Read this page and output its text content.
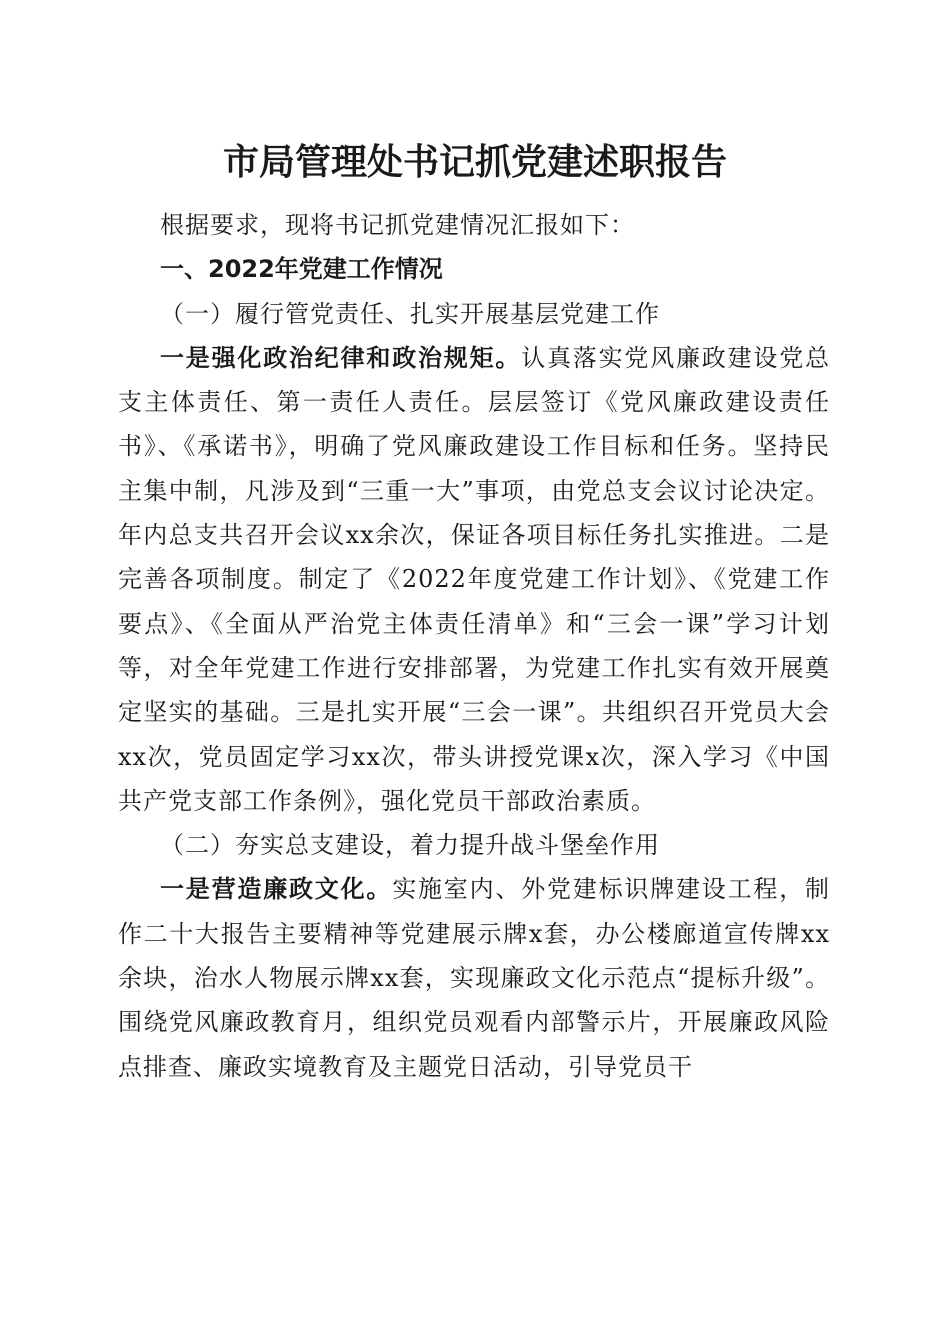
市局管理处书记抓党建述职报告

根据要求，现将书记抓党建情况汇报如下：

一、2022年党建工作情况

（一）履行管党责任、扎实开展基层党建工作

一是强化政治纪律和政治规矩。认真落实党风廉政建设党总支主体责任、第一责任人责任。层层签订《党风廉政建设责任书》、《承诺书》，明确了党风廉政建设工作目标和任务。坚持民主集中制，凡涉及到“三重一大”事项，由党总支会议讨论决定。年内总支共召开会议xx余次，保证各项目标任务扎实推进。二是完善各项制度。制定了《2022年度党建工作计划》、《党建工作要点》、《全面从严治党主体责任清单》和“三会一课”学习计划等，对全年党建工作进行安排部署，为党建工作扎实有效开展奠定坚实的基础。三是扎实开展“三会一课”。共组织召开党员大会xx次，党员固定学习xx次，带头讲授党课x次，深入学习《中国共产党支部工作条例》，强化党员干部政治素质。

（二）夯实总支建设，着力提升战斗堡垒作用

一是营造廉政文化。实施室内、外党建标识牌建设工程，制作二十大报告主要精神等党建展示牌x套，办公楼廊道宣传牌xx余块，治水人物展示牌xx套，实现廉政文化示范点“提标升级”。围绕党风廉政教育月，组织党员观看内部警示片，开展廉政风险点排查、廉政实境教育及主题党日活动，引导党员干
